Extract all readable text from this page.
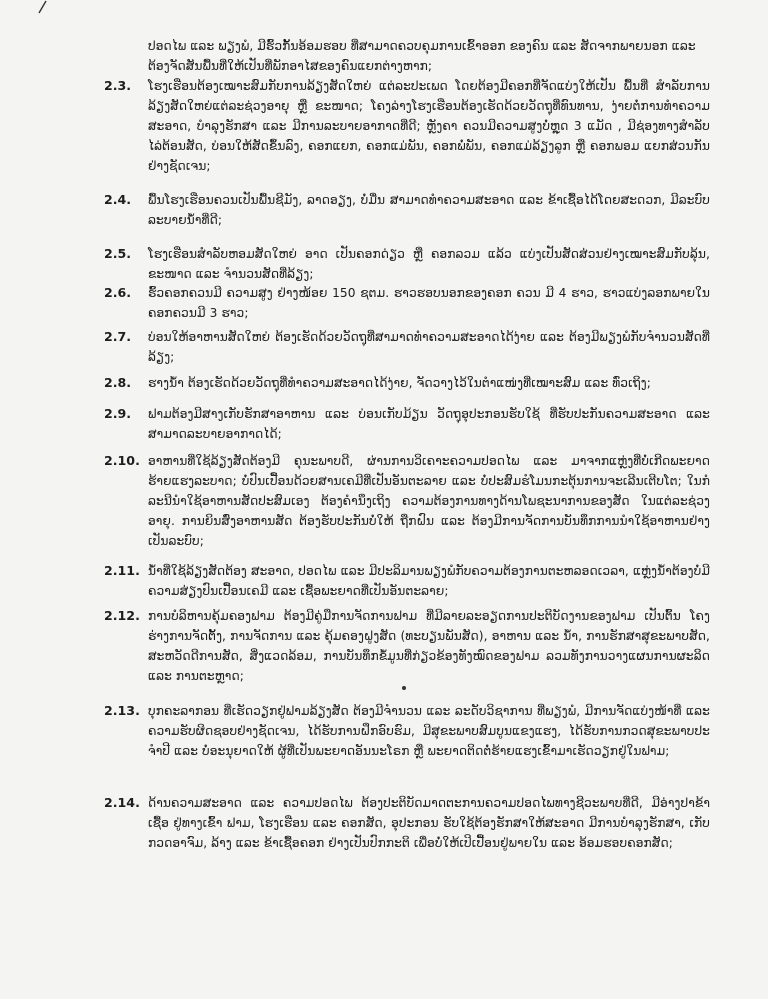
ປອດໄພ ແລະ ພຽງພໍ, ມີຮົ້ວກັ້ນອ້ອມຮອບ ທີ່ສາມາດຄວບຄຸມການເຂົ້າອອກ ຂອງຄົນ ແລະ ສັດຈາກພາຍນອກ ແລະ ຕ້ອງຈັດສັນພື້ນທີ່ໃຫ້ເປັນທີ່ພັກອາໄສຂອງຄົນແຍກຕ່າງຫາກ;
2.3. ໂຮງເຮືອນຕ້ອງເໝາະສົມກັບການລ້ຽງສັດໃຫຍ່ ແຕ່ລະປະເພດ ໂດຍຕ້ອງມີຄອກທີ່ຈັດແບ່ງໃຫ້ເປັນ ພື້ນທີ່ ສໍາລັບການລ້ຽງສັດໃຫຍ່ແຕ່ລະຊ່ວງອາຍຸ ຫຼື ຂະໜາດ; ໂຄງລ່າງໂຮງເຮືອນຕ້ອງເຮັດດ້ວຍວັດຖຸທີ່ທົນທານ, ງ່າຍຕໍ່ການທໍາຄວາມສະອາດ, ບໍາລຸງຮັກສາ ແລະ ມີການລະບາຍອາກາດທີ່ດີ; ຫຼັງຄາ ຄວນມີຄວາມສູງບໍ່ຫຼຸດ 3 ແມັດ , ມີຊ່ອງທາງສໍາລັບໄລ່ຕ້ອນສັດ, ບ່ອນໃຫ້ສັດຂຶ້ນລົງ, ຄອກແຍກ, ຄອກແມ່ພັນ, ຄອກພໍ່ພັນ, ຄອກແມ່ລ້ຽງລູກ ຫຼື ຄອກພອມ ແຍກສ່ວນກັນຢ່າງຊັດເຈນ;
2.4. ພື້ນໂຮງເຮືອນຄວນເປັນພື້ນຊີມັງ, ລາດອຽງ, ບໍ່ມື່ນ ສາມາດທໍາຄວາມສະອາດ ແລະ ຂ້າເຊື້ອໄດ້ໂດຍສະດວກ, ມີລະບົບລະບາຍນໍ້າທີ່ດີ;
2.5. ໂຮງເຮືອນສໍາລັບຫອມສັດໃຫຍ່ ອາດ ເປັນຄອກດ່ຽວ ຫຼື ຄອກລວມ ແລ້ວ ແບ່ງເປັນສັດສ່ວນຢ່າງເໝາະສົມກັບລຸ້ນ, ຂະໜາດ ແລະ ຈໍານວນສັດທີ່ລ້ຽງ;
2.6. ຮົ້ວຄອກຄວນມີ ຄວາມສູງ ຢ່າງໜ້ອຍ 150 ຊຕມ. ຮາວຮອບນອກຂອງຄອກ ຄວນ ມີ 4 ຮາວ, ຮາວແບ່ງລອກພາຍໃນຄອກຄວນມີ 3 ຮາວ;
2.7. ບ່ອນໃຫ້ອາຫານສັດໃຫຍ່ ຕ້ອງເຮັດດ້ວຍວັດຖຸທີ່ສາມາດທໍາຄວາມສະອາດໄດ້ງ່າຍ ແລະ ຕ້ອງມີພຽງພໍກັບຈໍານວນສັດທີ່ລ້ຽງ;
2.8. ຮາງນໍ້າ ຕ້ອງເຮັດດ້ວຍວັດຖຸທີ່ທໍາຄວາມສະອາດໄດ້ງ່າຍ, ຈັດວາງໄວ້ໃນຕໍາແໜ່ງທີ່ເໝາະສົມ ແລະ ທົ່ວເຖິງ;
2.9. ຟາມຕ້ອງມີສາງເກັບຮັກສາອາຫານ ແລະ ບ່ອນເກັບມ້ຽນ ວັດຖຸອຸປະກອນຮັບໃຊ້ ທີ່ຮັບປະກັນຄວາມສະອາດ ແລະ ສາມາດລະບາຍອາກາດໄດ້;
2.10. ອາຫານທີ່ໃຊ້ລ້ຽງສັດຕ້ອງມີ ຄຸນະພາບດີ, ຜ່ານການວິເຄາະຄວາມປອດໄພ ແລະ ມາຈາກແຫຼ່ງທີ່ບໍ່ເກີດພະຍາດຮ້າຍແຮງລະບາດ; ບໍ່ປົນເປື້ອນດ້ວຍສານເຄມີທີ່ເປັນອັນຕະລາຍ ແລະ ບໍ່ປະສົມຮໍໂມນກະຕຸ້ນການຈະເລີນເຕີບໂຕ; ໃນກໍລະນີນໍາໃຊ້ອາຫານສັດປະສົມເອງ ຕ້ອງຄໍານຶງເຖິງ ຄວາມຕ້ອງການທາງດ້ານໂພຊະນາການຂອງສັດ ໃນແຕ່ລະຊ່ວງອາຍຸ. ການຍິນສົ່ງອາຫານສັດ ຕ້ອງຮັບປະກັນບໍ່ໃຫ້ ຖືກຝົນ ແລະ ຕ້ອງມີການຈັດການບັນທຶກການນໍາໃຊ້ອາຫານຢ່າງເປັນລະບົບ;
2.11. ນໍ້າທີ່ໃຊ້ລ້ຽງສັດຕ້ອງ ສະອາດ, ປອດໄພ ແລະ ມີປະລິມານພຽງພໍກັບຄວາມຕ້ອງການຕະຫລອດເວລາ, ແຫຼ່ງນໍ້າຕ້ອງບໍ່ມີຄວາມສ່ຽງປົນເປື້ອນເຄມີ ແລະ ເຊື້ອພະຍາດທີ່ເປັນອັນຕະລາຍ;
2.12. ການບໍລິຫານຄຸ້ມຄອງຟາມ ຕ້ອງມີຄູ່ມືການຈັດການຟາມ ທີ່ມີລາຍລະອຽດການປະຕິບັດງານຂອງຟາມ ເປັນຕົ້ນ ໂຄງຮ່າງການຈັດຕັ້ງ, ການຈັດການ ແລະ ຄຸ້ມຄອງຝູງສັດ (ທະບຽນພັນສັດ), ອາຫານ ແລະ ນໍ້າ, ການຮັກສາສຸຂະພາບສັດ, ສະຫວັດດີການສັດ, ສິ່ງແວດລ້ອມ, ການບັນທຶກຂໍ້ມູນທີ່ກ່ຽວຂ້ອງທັງໝົດຂອງຟາມ ລວມທັງການວາງແຜນການຜະລິດ ແລະ ການຕະຫຼາດ;
2.13. ບຸກຄະລາກອນ ທີ່ເຮັດວຽກຢູ່ຟາມລ້ຽງສັດ ຕ້ອງມີຈໍານວນ ແລະ ລະດັບວິຊາການ ທີ່ພຽງພໍ, ມີການຈັດແບ່ງໜ້າທີ່ ແລະ ຄວາມຮັບຜິດຊອບຢ່າງຊັດເຈນ, ໄດ້ຮັບການຝຶກອົບຮົມ, ມີສຸຂະພາບສົມບູນແຂງແຮງ, ໄດ້ຮັບການກວດສຸຂະພາບປະຈໍາປີ ແລະ ບໍ່ອະນຸຍາດໃຫ້ ຜູ້ທີ່ເປັນພະຍາດອັນນະໂຣກ ຫຼື ພະຍາດຕິດຕໍ່ຮ້າຍແຮງເຂົ້າມາເຮັດວຽກຢູ່ໃນຟາມ;
2.14. ດ້ານຄວາມສະອາດ ແລະ ຄວາມປອດໄພ ຕ້ອງປະຕິບັດມາດຕະການຄວາມປອດໄພທາງຊີວະພາບທີ່ດີ, ມີອ່າງປາຂ້າເຊື້ອ ຢູ່ທາງເຂົ້າ ຟາມ, ໂຮງເຮືອນ ແລະ ຄອກສັດ, ອຸປະກອນ ຮັບໃຊ້ຕ້ອງຮັກສາໃຫ້ສະອາດ ມີການບໍາລຸງຮັກສາ, ເກັບກວດອາຈົມ, ລ້າງ ແລະ ຂ້າເຊື້ອຄອກ ຢ່າງເປັນປົກກະຕິ ເພື່ອບໍ່ໃຫ້ເປິເປື້ອນຢູ່ພາຍໃນ ແລະ ອ້ອມຮອບຄອກສັດ;
